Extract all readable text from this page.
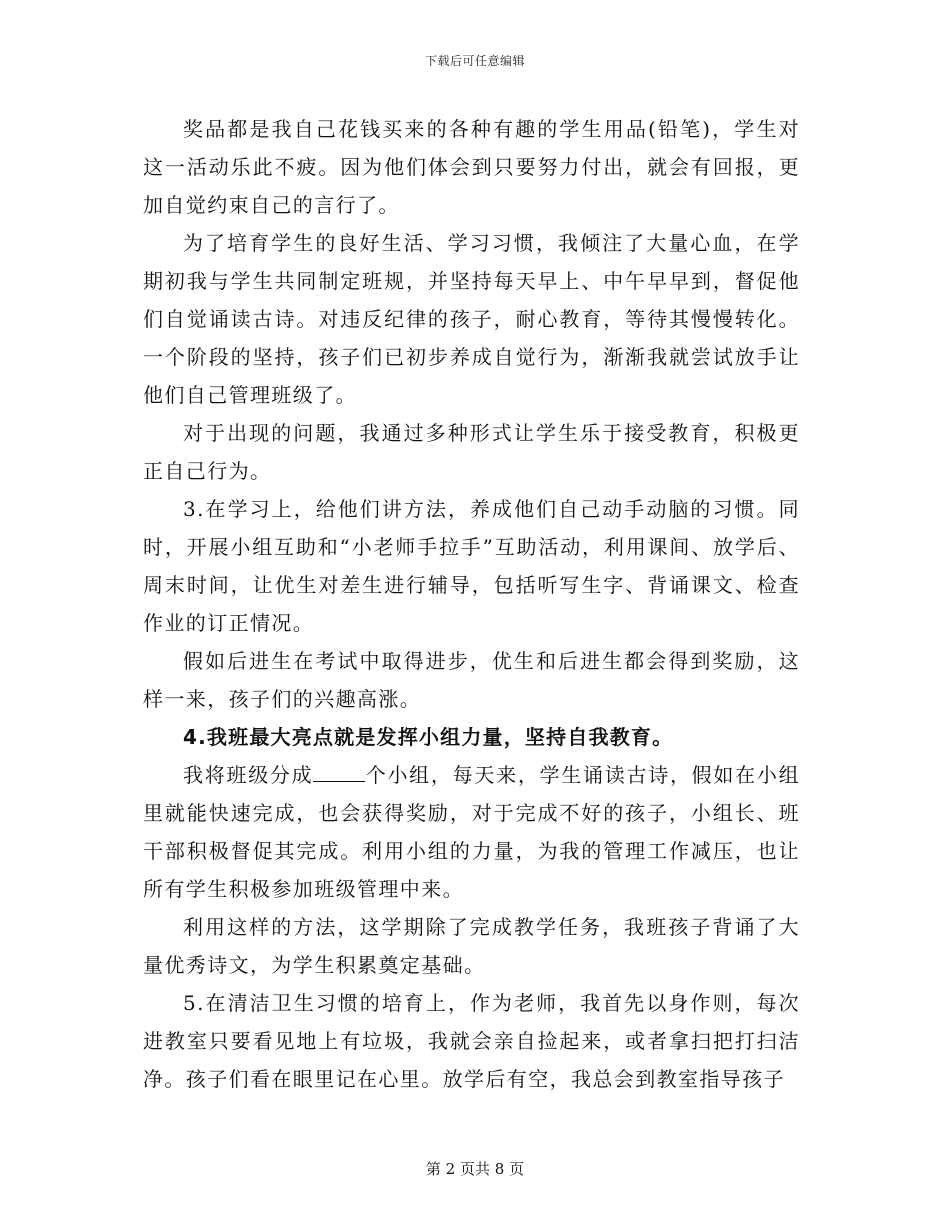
下载后可任意编辑

奖品都是我自己花钱买来的各种有趣的学生用品(铅笔)，学生对这一活动乐此不疲。因为他们体会到只要努力付出，就会有回报，更加自觉约束自己的言行了。

为了培育学生的良好生活、学习习惯，我倾注了大量心血，在学期初我与学生共同制定班规，并坚持每天早上、中午早早到，督促他们自觉诵读古诗。对违反纪律的孩子，耐心教育，等待其慢慢转化。一个阶段的坚持，孩子们已初步养成自觉行为，渐渐我就尝试放手让他们自己管理班级了。

对于出现的问题，我通过多种形式让学生乐于接受教育，积极更正自己行为。

3.在学习上，给他们讲方法，养成他们自己动手动脑的习惯。同时，开展小组互助和“小老师手拉手”互助活动，利用课间、放学后、周末时间，让优生对差生进行辅导，包括听写生字、背诵课文、检查作业的订正情况。

假如后进生在考试中取得进步，优生和后进生都会得到奖励，这样一来，孩子们的兴趣高涨。

4.我班最大亮点就是发挥小组力量，坚持自我教育。

我将班级分成	个小组，每天来，学生诵读古诗，假如在小组里就能快速完成，也会获得奖励，对于完成不好的孩子，小组长、班干部积极督促其完成。利用小组的力量，为我的管理工作减压，也让所有学生积极参加班级管理中来。

利用这样的方法，这学期除了完成教学任务，我班孩子背诵了大量优秀诗文，为学生积累奠定基础。

5.在清洁卫生习惯的培育上，作为老师，我首先以身作则，每次进教室只要看见地上有垃圾，我就会亲自捡起来，或者拿扫把打扫洁净。孩子们看在眼里记在心里。放学后有空，我总会到教室指导孩子

第 2 页共 8 页
